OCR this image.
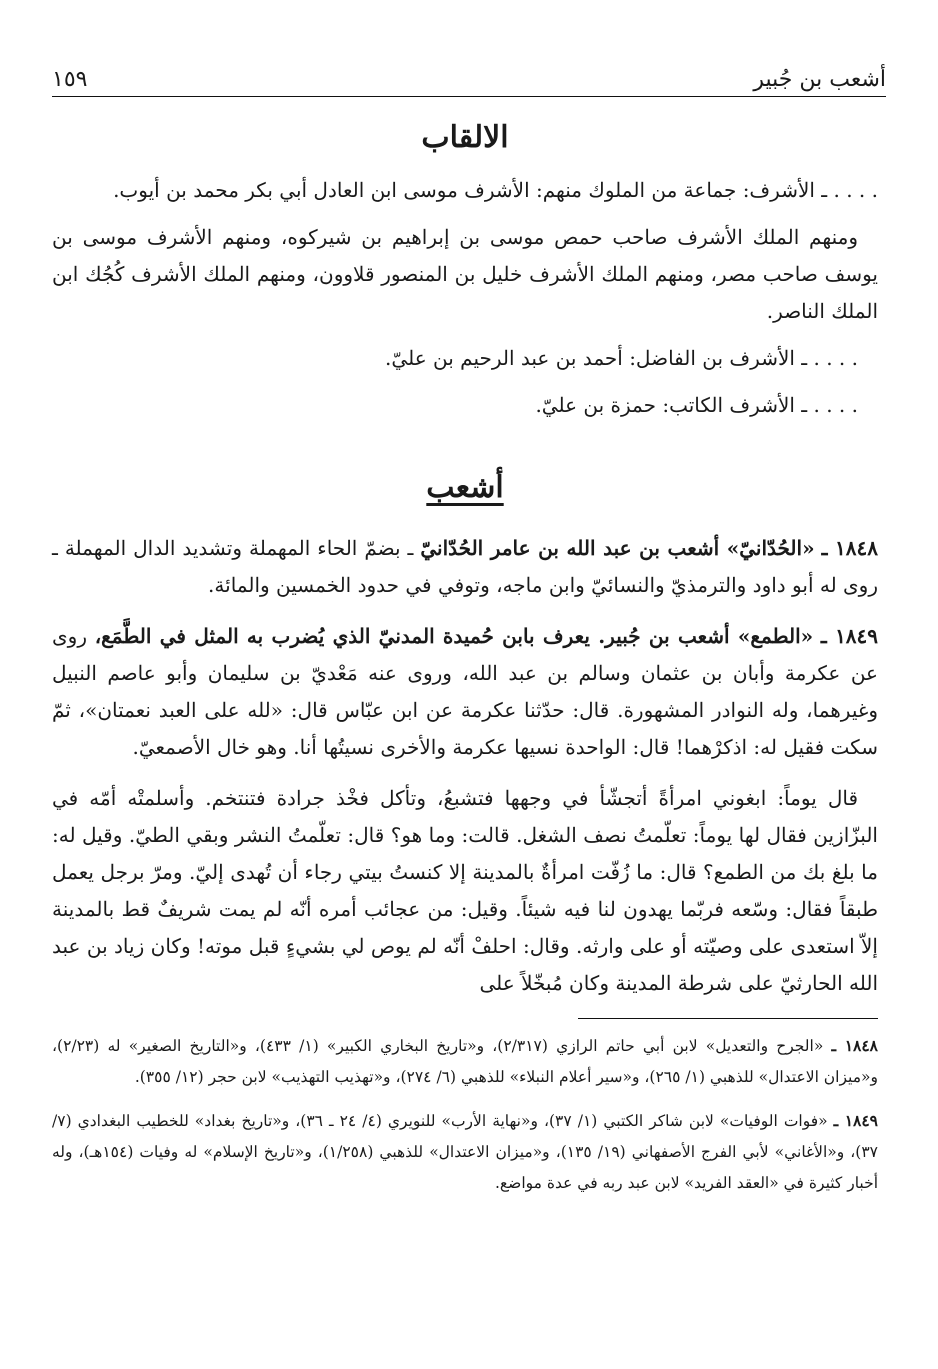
أشعب بن جُبير
١٥٩
الالقاب

. . . . ـ الأشرف: جماعة من الملوك منهم: الأشرف موسى ابن العادل أبي بكر محمد بن أيوب.

ومنهم الملك الأشرف صاحب حمص موسى بن إبراهيم بن شيركوه، ومنهم الأشرف موسى بن يوسف صاحب مصر، ومنهم الملك الأشرف خليل بن المنصور قلاوون، ومنهم الملك الأشرف كُجُك ابن الملك الناصر.

. . . . ـ الأشرف بن الفاضل: أحمد بن عبد الرحيم بن عليّ.

. . . . ـ الأشرف الكاتب: حمزة بن عليّ.

أشعب

١٨٤٨ ـ «الحُدّانيّ» أشعب بن عبد الله بن عامر الحُدّانيّ ـ بضمّ الحاء المهملة وتشديد الدال المهملة ـ روى له أبو داود والترمذيّ والنسائيّ وابن ماجه، وتوفي في حدود الخمسين والمائة.

١٨٤٩ ـ «الطمع» أشعب بن جُبير. يعرف بابن حُميدة المدنيّ الذي يُضرب به المثل في الطَّمَع، روى عن عكرمة وأبان بن عثمان وسالم بن عبد الله، وروى عنه مَعْديّ بن سليمان وأبو عاصم النبيل وغيرهما، وله النوادر المشهورة. قال: حدّثنا عكرمة عن ابن عبّاس قال: «لله على العبد نعمتان»، ثمّ سكت فقيل له: اذكرْهما! قال: الواحدة نسيها عكرمة والأخرى نسيتُها أنا. وهو خال الأصمعيّ.

قال يوماً: ابغوني امرأةً أتجشّأ في وجهها فتشبعُ، وتأكل فخْذ جرادة فتنتخم. وأسلمتْه أمّه في البزّازين فقال لها يوماً: تعلّمتُ نصف الشغل. قالت: وما هو؟ قال: تعلّمتُ النشر وبقي الطيّ. وقيل له: ما بلغ بك من الطمع؟ قال: ما زُفّت امرأةٌ بالمدينة إلا كنستُ بيتي رجاء أن تُهدى إليّ. ومرّ برجل يعمل طبقاً فقال: وسّعه فربّما يهدون لنا فيه شيئاً. وقيل: من عجائب أمره أنّه لم يمت شريفٌ قط بالمدينة إلاّ استعدى على وصيّته أو على وارثه. وقال: احلفْ أنّه لم يوص لي بشيءٍ قبل موته! وكان زياد بن عبد الله الحارثيّ على شرطة المدينة وكان مُبخّلاً على

١٨٤٨ ـ «الجرح والتعديل» لابن أبي حاتم الرازي (٢/٣١٧)، و«تاريخ البخاري الكبير» (١/ ٤٣٣)، و«التاريخ الصغير» له (٢/٢٣)، و«ميزان الاعتدال» للذهبي (١/ ٢٦٥)، و«سير أعلام النبلاء» للذهبي (٦/ ٢٧٤)، و«تهذيب التهذيب» لابن حجر (١٢/ ٣٥٥).

١٨٤٩ ـ «فوات الوفيات» لابن شاكر الكتبي (١/ ٣٧)، و«نهاية الأرب» للنويري (٤/ ٢٤ ـ ٣٦)، و«تاريخ بغداد» للخطيب البغدادي (٧/ ٣٧)، و«الأغاني» لأبي الفرج الأصفهاني (١٩/ ١٣٥)، و«ميزان الاعتدال» للذهبي (١/٢٥٨)، و«تاريخ الإسلام» له وفيات (١٥٤هـ)، وله أخبار كثيرة في «العقد الفريد» لابن عبد ربه في عدة مواضع.
